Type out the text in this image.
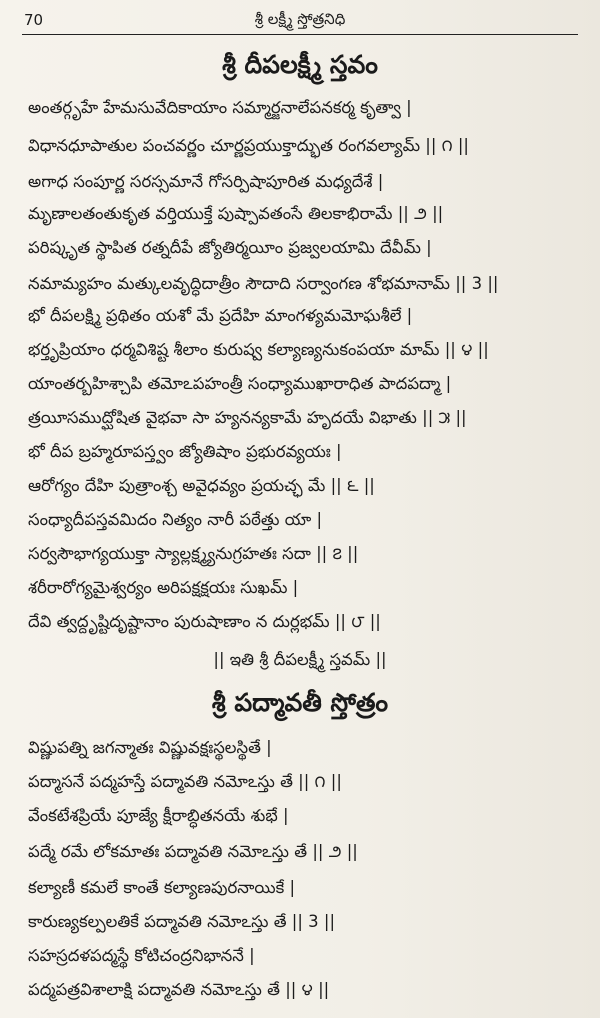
70	శ్రీ లక్ష్మీ స్తోత్రనిధి
శ్రీ దీపలక్ష్మీ స్తవం
అంతర్గృహే హేమసువేదికాయాం సమ్మార్జనాలేపనకర్మ కృత్వా |
విధానధూపాతుల పంచవర్ణం చూర్ణప్రయుక్తాద్భుత రంగవల్యామ్ || ౧ ||
అగాధ సంపూర్ణ సరస్సమానే గోసర్పిషాపూరిత మధ్యదేశే |
మృణాలతంతుకృత వర్తియుక్తే పుష్పావతంసే తిలకాభిరామే || ౨ ||
పరిష్కృత స్థాపిత రత్నదీపే జ్యోతిర్మయీం ప్రజ్వలయామి దేవీమ్ |
నమామ్యహం మత్కులవృద్ధిదాత్రీం సౌదాది సర్వాంగణ శోభమానామ్ || 3 ||
భో దీపలక్ష్మి ప్రథితం యశో మే ప్రదేహి మాంగళ్యమమోఘశీలే |
భర్తృప్రియాం ధర్మవిశిష్ట శీలాం కురుష్వ కల్యాణ్యనుకంపయా మామ్ || ౪ ||
యాంతర్బహిశ్చాపి తమోఽపహంత్రీ సంధ్యాముఖారాధిత పాదపద్మా |
త్రయీసముద్ఘోషిత వైభవా సా హ్యనన్యకామే హృదయే విభాతు || ౫ ||
భో దీప బ్రహ్మరూపస్త్వం జ్యోతిషాం ప్రభురవ్యయః |
ఆరోగ్యం దేహి పుత్రాంశ్చ అవైధవ్యం ప్రయచ్ఛ మే || ౬ ||
సంధ్యాదీపస్తవమిదం నిత్యం నారీ పఠేత్తు యా |
సర్వసౌభాగ్యయుక్తా స్యాల్లక్ష్మ్యనుగ్రహతః సదా || ౭ ||
శరీరారోగ్యమైశ్వర్యం అరిపక్షక్షయః సుఖమ్ |
దేవి త్వద్దృష్టిదృష్టానాం పురుషాణాం న దుర్లభమ్ || ౮ ||
|| ఇతి శ్రీ దీపలక్ష్మీ స్తవమ్ ||
శ్రీ పద్మావతీ స్తోత్రం
విష్ణుపత్ని జగన్మాతః విష్ణువక్షఃస్థలస్థితే |
పద్మాసనే పద్మహస్తే పద్మావతి నమోఽస్తు తే || ౧ ||
వేంకటేశప్రియే పూజ్యే క్షీరాబ్ధితనయే శుభే |
పద్మే రమే లోకమాతః పద్మావతి నమోఽస్తు తే || ౨ ||
కల్యాణీ కమలే కాంతే కల్యాణపురనాయికే |
కారుణ్యకల్పలతికే పద్మావతి నమోఽస్తు తే || 3 ||
సహస్రదళపద్మస్థే కోటిచంద్రనిభాననే |
పద్మపత్రవిశాలాక్షి పద్మావతి నమోఽస్తు తే || ౪ ||
